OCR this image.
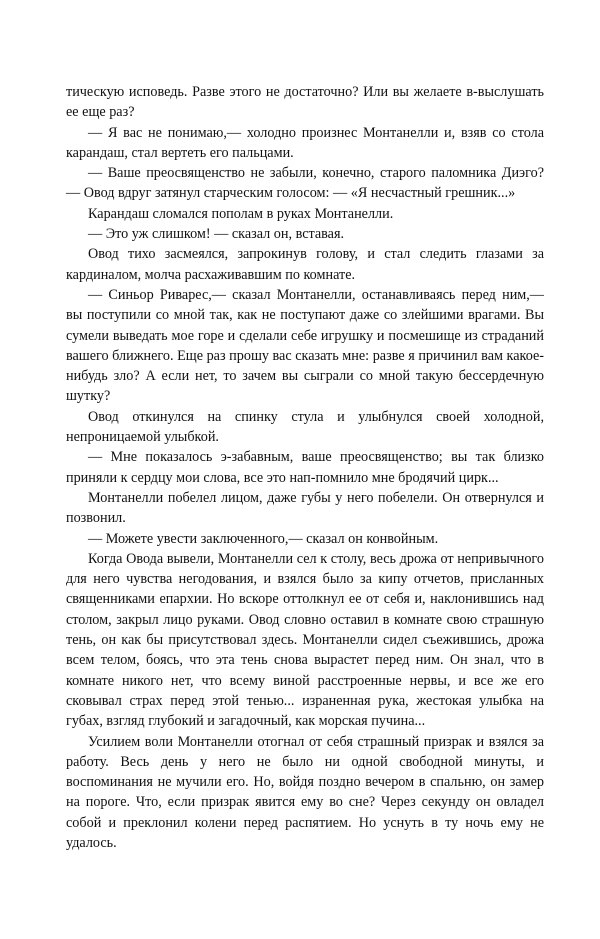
тическую исповедь. Разве этого не достаточно? Или вы желаете в-выслушать ее еще раз?

— Я вас не понимаю,— холодно произнес Монтанелли и, взяв со стола карандаш, стал вертеть его пальцами.

— Ваше преосвященство не забыли, конечно, старого паломника Диэго? — Овод вдруг затянул старческим голосом: — «Я несчастный грешник...»

Карандаш сломался пополам в руках Монтанелли.

— Это уж слишком! — сказал он, вставая.

Овод тихо засмеялся, запрокинув голову, и стал следить глазами за кардиналом, молча расхаживавшим по комнате.

— Синьор Риварес,— сказал Монтанелли, останавливаясь перед ним,— вы поступили со мной так, как не поступают даже со злейшими врагами. Вы сумели выведать мое горе и сделали себе игрушку и посмешище из страданий вашего ближнего. Еще раз прошу вас сказать мне: разве я причинил вам какое-нибудь зло? А если нет, то зачем вы сыграли со мной такую бессердечную шутку?

Овод откинулся на спинку стула и улыбнулся своей холодной, непроницаемой улыбкой.

— Мне показалось э-забавным, ваше преосвященство; вы так близко приняли к сердцу мои слова, все это нап-помнило мне бродячий цирк...

Монтанелли побелел лицом, даже губы у него побелели. Он отвернулся и позвонил.

— Можете увести заключенного,— сказал он конвойным.

Когда Овода вывели, Монтанелли сел к столу, весь дрожа от непривычного для него чувства негодования, и взялся было за кипу отчетов, присланных священниками епархии. Но вскоре оттолкнул ее от себя и, наклонившись над столом, закрыл лицо руками. Овод словно оставил в комнате свою страшную тень, он как бы присутствовал здесь. Монтанелли сидел съежившись, дрожа всем телом, боясь, что эта тень снова вырастет перед ним. Он знал, что в комнате никого нет, что всему виной расстроенные нервы, и все же его сковывал страх перед этой тенью... израненная рука, жестокая улыбка на губах, взгляд глубокий и загадочный, как морская пучина...

Усилием воли Монтанелли отогнал от себя страшный призрак и взялся за работу. Весь день у него не было ни одной свободной минуты, и воспоминания не мучили его. Но, войдя поздно вечером в спальню, он замер на пороге. Что, если призрак явится ему во сне? Через секунду он овладел собой и преклонил колени перед распятием. Но уснуть в ту ночь ему не удалось.
